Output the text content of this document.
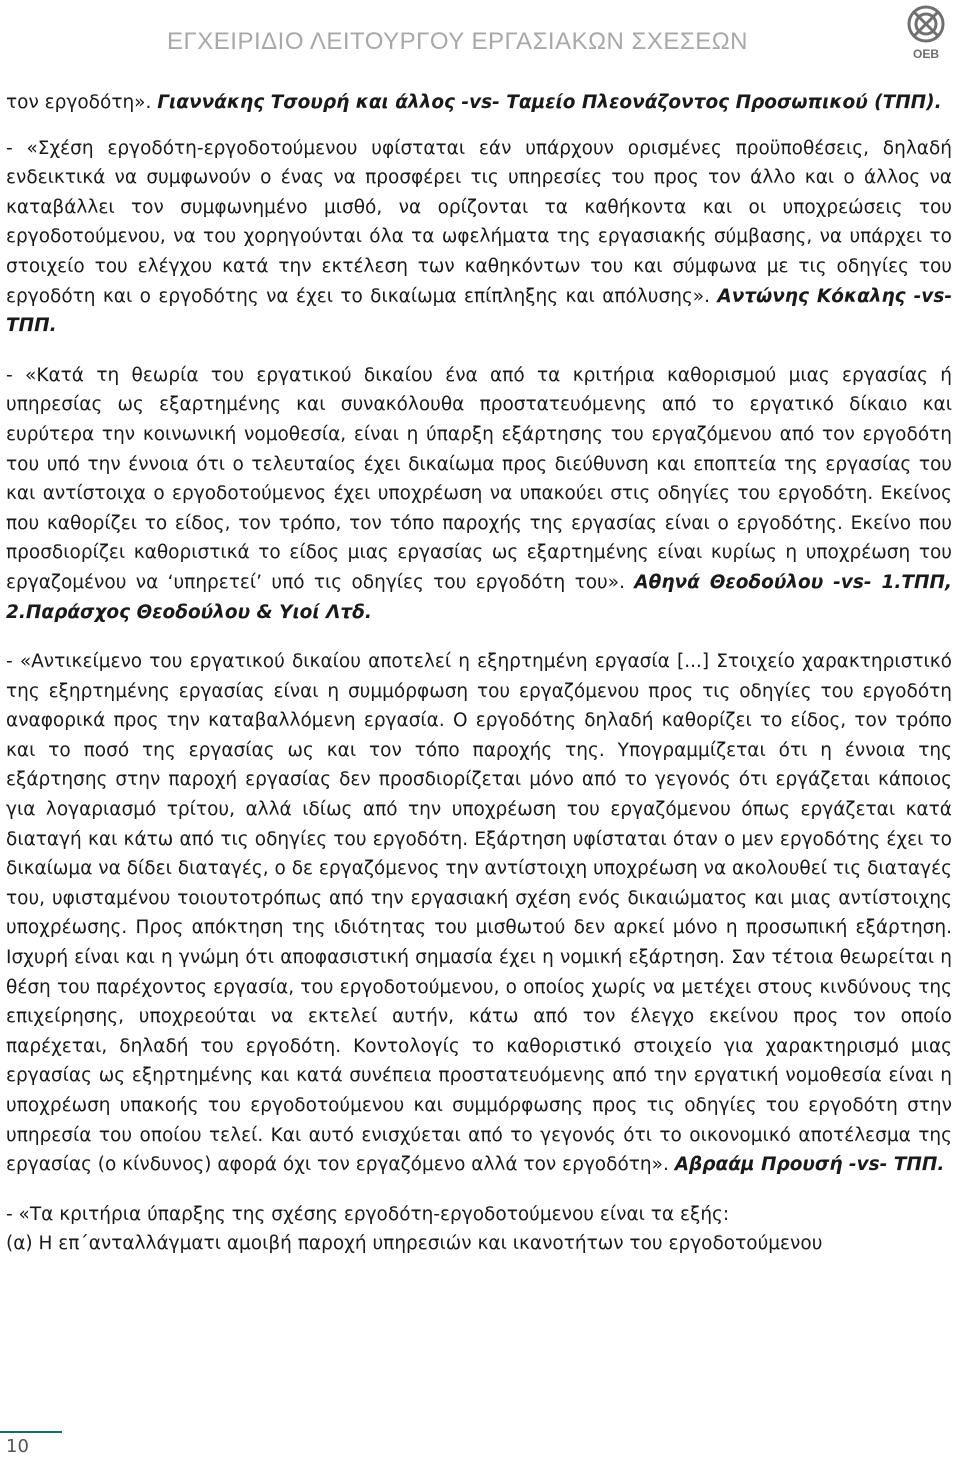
ΕΓΧΕΙΡΙΔΙΟ ΛΕΙΤΟΥΡΓΟΥ ΕΡΓΑΣΙΑΚΩΝ ΣΧΕΣΕΩΝ	ΟΕΒ

τον εργοδότη». Γιαννάκης Τσουρή και άλλος -vs- Ταμείο Πλεονάζοντος Προσωπικού (ΤΠΠ).

- «Σχέση εργοδότη-εργοδοτούμενου υφίσταται εάν υπάρχουν ορισμένες προϋποθέσεις, δηλαδή ενδεικτικά να συμφωνούν ο ένας να προσφέρει τις υπηρεσίες του προς τον άλλο και ο άλλος να καταβάλλει τον συμφωνημένο μισθό, να ορίζονται τα καθήκοντα και οι υποχρεώσεις του εργοδοτούμενου, να του χορηγούνται όλα τα ωφελήματα της εργασιακής σύμβασης, να υπάρχει το στοιχείο του ελέγχου κατά την εκτέλεση των καθηκόντων του και σύμφωνα με τις οδηγίες του εργοδότη και ο εργοδότης να έχει το δικαίωμα επίπληξης και απόλυσης». Αντώνης Κόκαλης -vs- ΤΠΠ.

- «Κατά τη θεωρία του εργατικού δικαίου ένα από τα κριτήρια καθορισμού μιας εργασίας ή υπηρεσίας ως εξαρτημένης και συνακόλουθα προστατευόμενης από το εργατικό δίκαιο και ευρύτερα την κοινωνική νομοθεσία, είναι η ύπαρξη εξάρτησης του εργαζόμενου από τον εργοδότη του υπό την έννοια ότι ο τελευταίος έχει δικαίωμα προς διεύθυνση και εποπτεία της εργασίας του και αντίστοιχα ο εργοδοτούμενος έχει υποχρέωση να υπακούει στις οδηγίες του εργοδότη. Εκείνος που καθορίζει το είδος, τον τρόπο, τον τόπο παροχής της εργασίας είναι ο εργοδότης. Εκείνο που προσδιορίζει καθοριστικά το είδος μιας εργασίας ως εξαρτημένης είναι κυρίως η υποχρέωση του εργαζομένου να ‘υπηρετεί’ υπό τις οδηγίες του εργοδότη του». Αθηνά Θεοδούλου -vs- 1.ΤΠΠ, 2.Παράσχος Θεοδούλου & Υιοί Λτδ.

- «Αντικείμενο του εργατικού δικαίου αποτελεί η εξηρτημένη εργασία [...] Στοιχείο χαρακτηριστικό της εξηρτημένης εργασίας είναι η συμμόρφωση του εργαζόμενου προς τις οδηγίες του εργοδότη αναφορικά προς την καταβαλλόμενη εργασία. Ο εργοδότης δηλαδή καθορίζει το είδος, τον τρόπο και το ποσό της εργασίας ως και τον τόπο παροχής της. Υπογραμμίζεται ότι η έννοια της εξάρτησης στην παροχή εργασίας δεν προσδιορίζεται μόνο από το γεγονός ότι εργάζεται κάποιος για λογαριασμό τρίτου, αλλά ιδίως από την υποχρέωση του εργαζόμενου όπως εργάζεται κατά διαταγή και κάτω από τις οδηγίες του εργοδότη. Εξάρτηση υφίσταται όταν ο μεν εργοδότης έχει το δικαίωμα να δίδει διαταγές, ο δε εργαζόμενος την αντίστοιχη υποχρέωση να ακολουθεί τις διαταγές του, υφισταμένου τοιουτοτρόπως από την εργασιακή σχέση ενός δικαιώματος και μιας αντίστοιχης υποχρέωσης. Προς απόκτηση της ιδιότητας του μισθωτού δεν αρκεί μόνο η προσωπική εξάρτηση. Ισχυρή είναι και η γνώμη ότι αποφασιστική σημασία έχει η νομική εξάρτηση. Σαν τέτοια θεωρείται η θέση του παρέχοντος εργασία, του εργοδοτούμενου, ο οποίος χωρίς να μετέχει στους κινδύνους της επιχείρησης, υποχρεούται να εκτελεί αυτήν, κάτω από τον έλεγχο εκείνου προς τον οποίο παρέχεται, δηλαδή του εργοδότη. Κοντολογίς το καθοριστικό στοιχείο για χαρακτηρισμό μιας εργασίας ως εξηρτημένης και κατά συνέπεια προστατευόμενης από την εργατική νομοθεσία είναι η υποχρέωση υπακοής του εργοδοτούμενου και συμμόρφωσης προς τις οδηγίες του εργοδότη στην υπηρεσία του οποίου τελεί. Και αυτό ενισχύεται από το γεγονός ότι το οικονομικό αποτέλεσμα της εργασίας (ο κίνδυνος) αφορά όχι τον εργαζόμενο αλλά τον εργοδότη». Αβραάμ Προυσή -vs- ΤΠΠ.

- «Τα κριτήρια ύπαρξης της σχέσης εργοδότη-εργοδοτούμενου είναι τα εξής:

(α) Η επ΄ανταλλάγματι αμοιβή παροχή υπηρεσιών και ικανοτήτων του εργοδοτούμενου

10
